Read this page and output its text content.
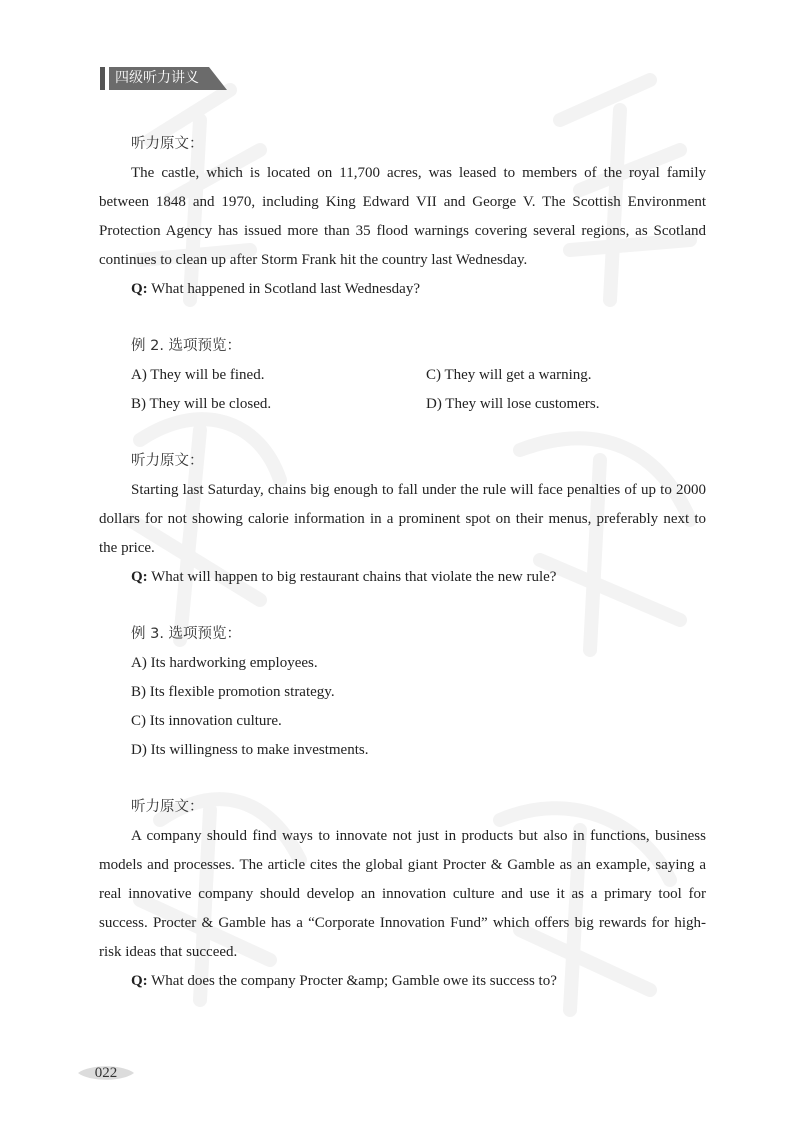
四级听力讲义
听力原文：

The castle, which is located on 11,700 acres, was leased to members of the royal family between 1848 and 1970, including King Edward VII and George V. The Scottish Environment Protection Agency has issued more than 35 flood warnings covering several regions, as Scotland continues to clean up after Storm Frank hit the country last Wednesday.

Q: What happened in Scotland last Wednesday?
例 2. 选项预览：
A) They will be fined.	C) They will get a warning.
B) They will be closed.	D) They will lose customers.
听力原文：

Starting last Saturday, chains big enough to fall under the rule will face penalties of up to 2000 dollars for not showing calorie information in a prominent spot on their menus, preferably next to the price.

Q: What will happen to big restaurant chains that violate the new rule?
例 3. 选项预览：
A) Its hardworking employees.
B) Its flexible promotion strategy.
C) Its innovation culture.
D) Its willingness to make investments.
听力原文：

A company should find ways to innovate not just in products but also in functions, business models and processes. The article cites the global giant Procter & Gamble as an example, saying a real innovative company should develop an innovation culture and use it as a primary tool for success. Procter & Gamble has a “Corporate Innovation Fund” which offers big rewards for high-risk ideas that succeed.

Q: What does the company Procter &amp; Gamble owe its success to?
022
